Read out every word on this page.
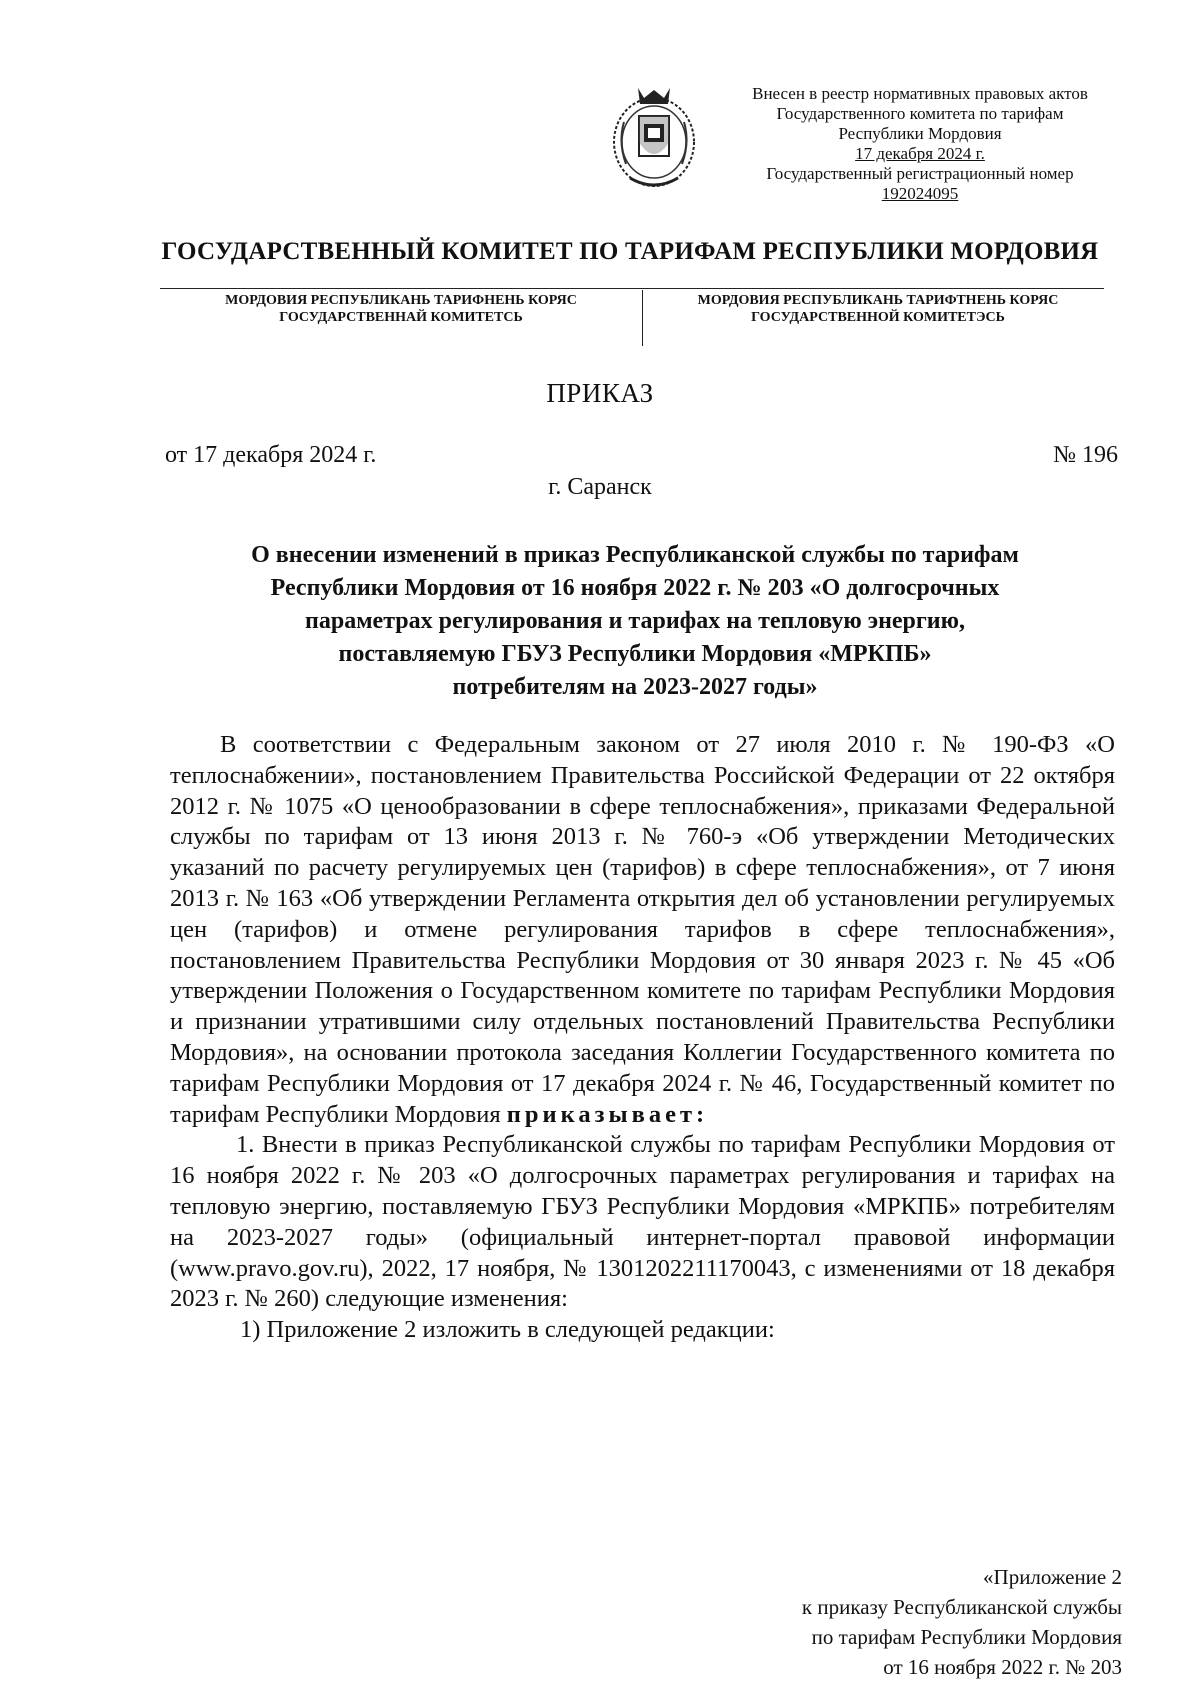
Внесен в реестр нормативных правовых актов
Государственного комитета по тарифам
Республики Мордовия
17 декабря 2024 г.
Государственный регистрационный номер
192024095
ГОСУДАРСТВЕННЫЙ КОМИТЕТ ПО ТАРИФАМ РЕСПУБЛИКИ МОРДОВИЯ
МОРДОВИЯ РЕСПУБЛИКАНЬ ТАРИФНЕНЬ КОРЯС
ГОСУДАРСТВЕННАЙ КОМИТЕТСЬ
МОРДОВИЯ РЕСПУБЛИКАНЬ ТАРИФТНЕНЬ КОРЯС
ГОСУДАРСТВЕННОЙ КОМИТЕТЭСЬ
ПРИКАЗ
от 17 декабря 2024 г.	№ 196
г. Саранск
О внесении изменений в приказ Республиканской службы по тарифам
Республики Мордовия от 16 ноября 2022 г. № 203 «О долгосрочных
параметрах регулирования и тарифах на тепловую энергию,
поставляемую ГБУЗ Республики Мордовия «МРКПБ»
потребителям на 2023-2027 годы»

В соответствии с Федеральным законом от 27 июля 2010 г. № 190-ФЗ «О теплоснабжении», постановлением Правительства Российской Федерации от 22 октября 2012 г. № 1075 «О ценообразовании в сфере теплоснабжения», приказами Федеральной службы по тарифам от 13 июня 2013 г. № 760-э «Об утверждении Методических указаний по расчету регулируемых цен (тарифов) в сфере теплоснабжения», от 7 июня 2013 г. № 163 «Об утверждении Регламента открытия дел об установлении регулируемых цен (тарифов) и отмене регулирования тарифов в сфере теплоснабжения», постановлением Правительства Республики Мордовия от 30 января 2023 г. № 45 «Об утверждении Положения о Государственном комитете по тарифам Республики Мордовия и признании утратившими силу отдельных постановлений Правительства Республики Мордовия», на основании протокола заседания Коллегии Государственного комитета по тарифам Республики Мордовия от 17 декабря 2024 г. № 46, Государственный комитет по тарифам Республики Мордовия приказывает:

1. Внести в приказ Республиканской службы по тарифам Республики Мордовия от 16 ноября 2022 г. № 203 «О долгосрочных параметрах регулирования и тарифах на тепловую энергию, поставляемую ГБУЗ Республики Мордовия «МРКПБ» потребителям на 2023-2027 годы» (официальный интернет-портал правовой информации (www.pravo.gov.ru), 2022, 17 ноября, № 1301202211170043, с изменениями от 18 декабря 2023 г. № 260) следующие изменения:

1) Приложение 2 изложить в следующей редакции:

«Приложение 2
к приказу Республиканской службы
по тарифам Республики Мордовия
от 16 ноября 2022 г. № 203
